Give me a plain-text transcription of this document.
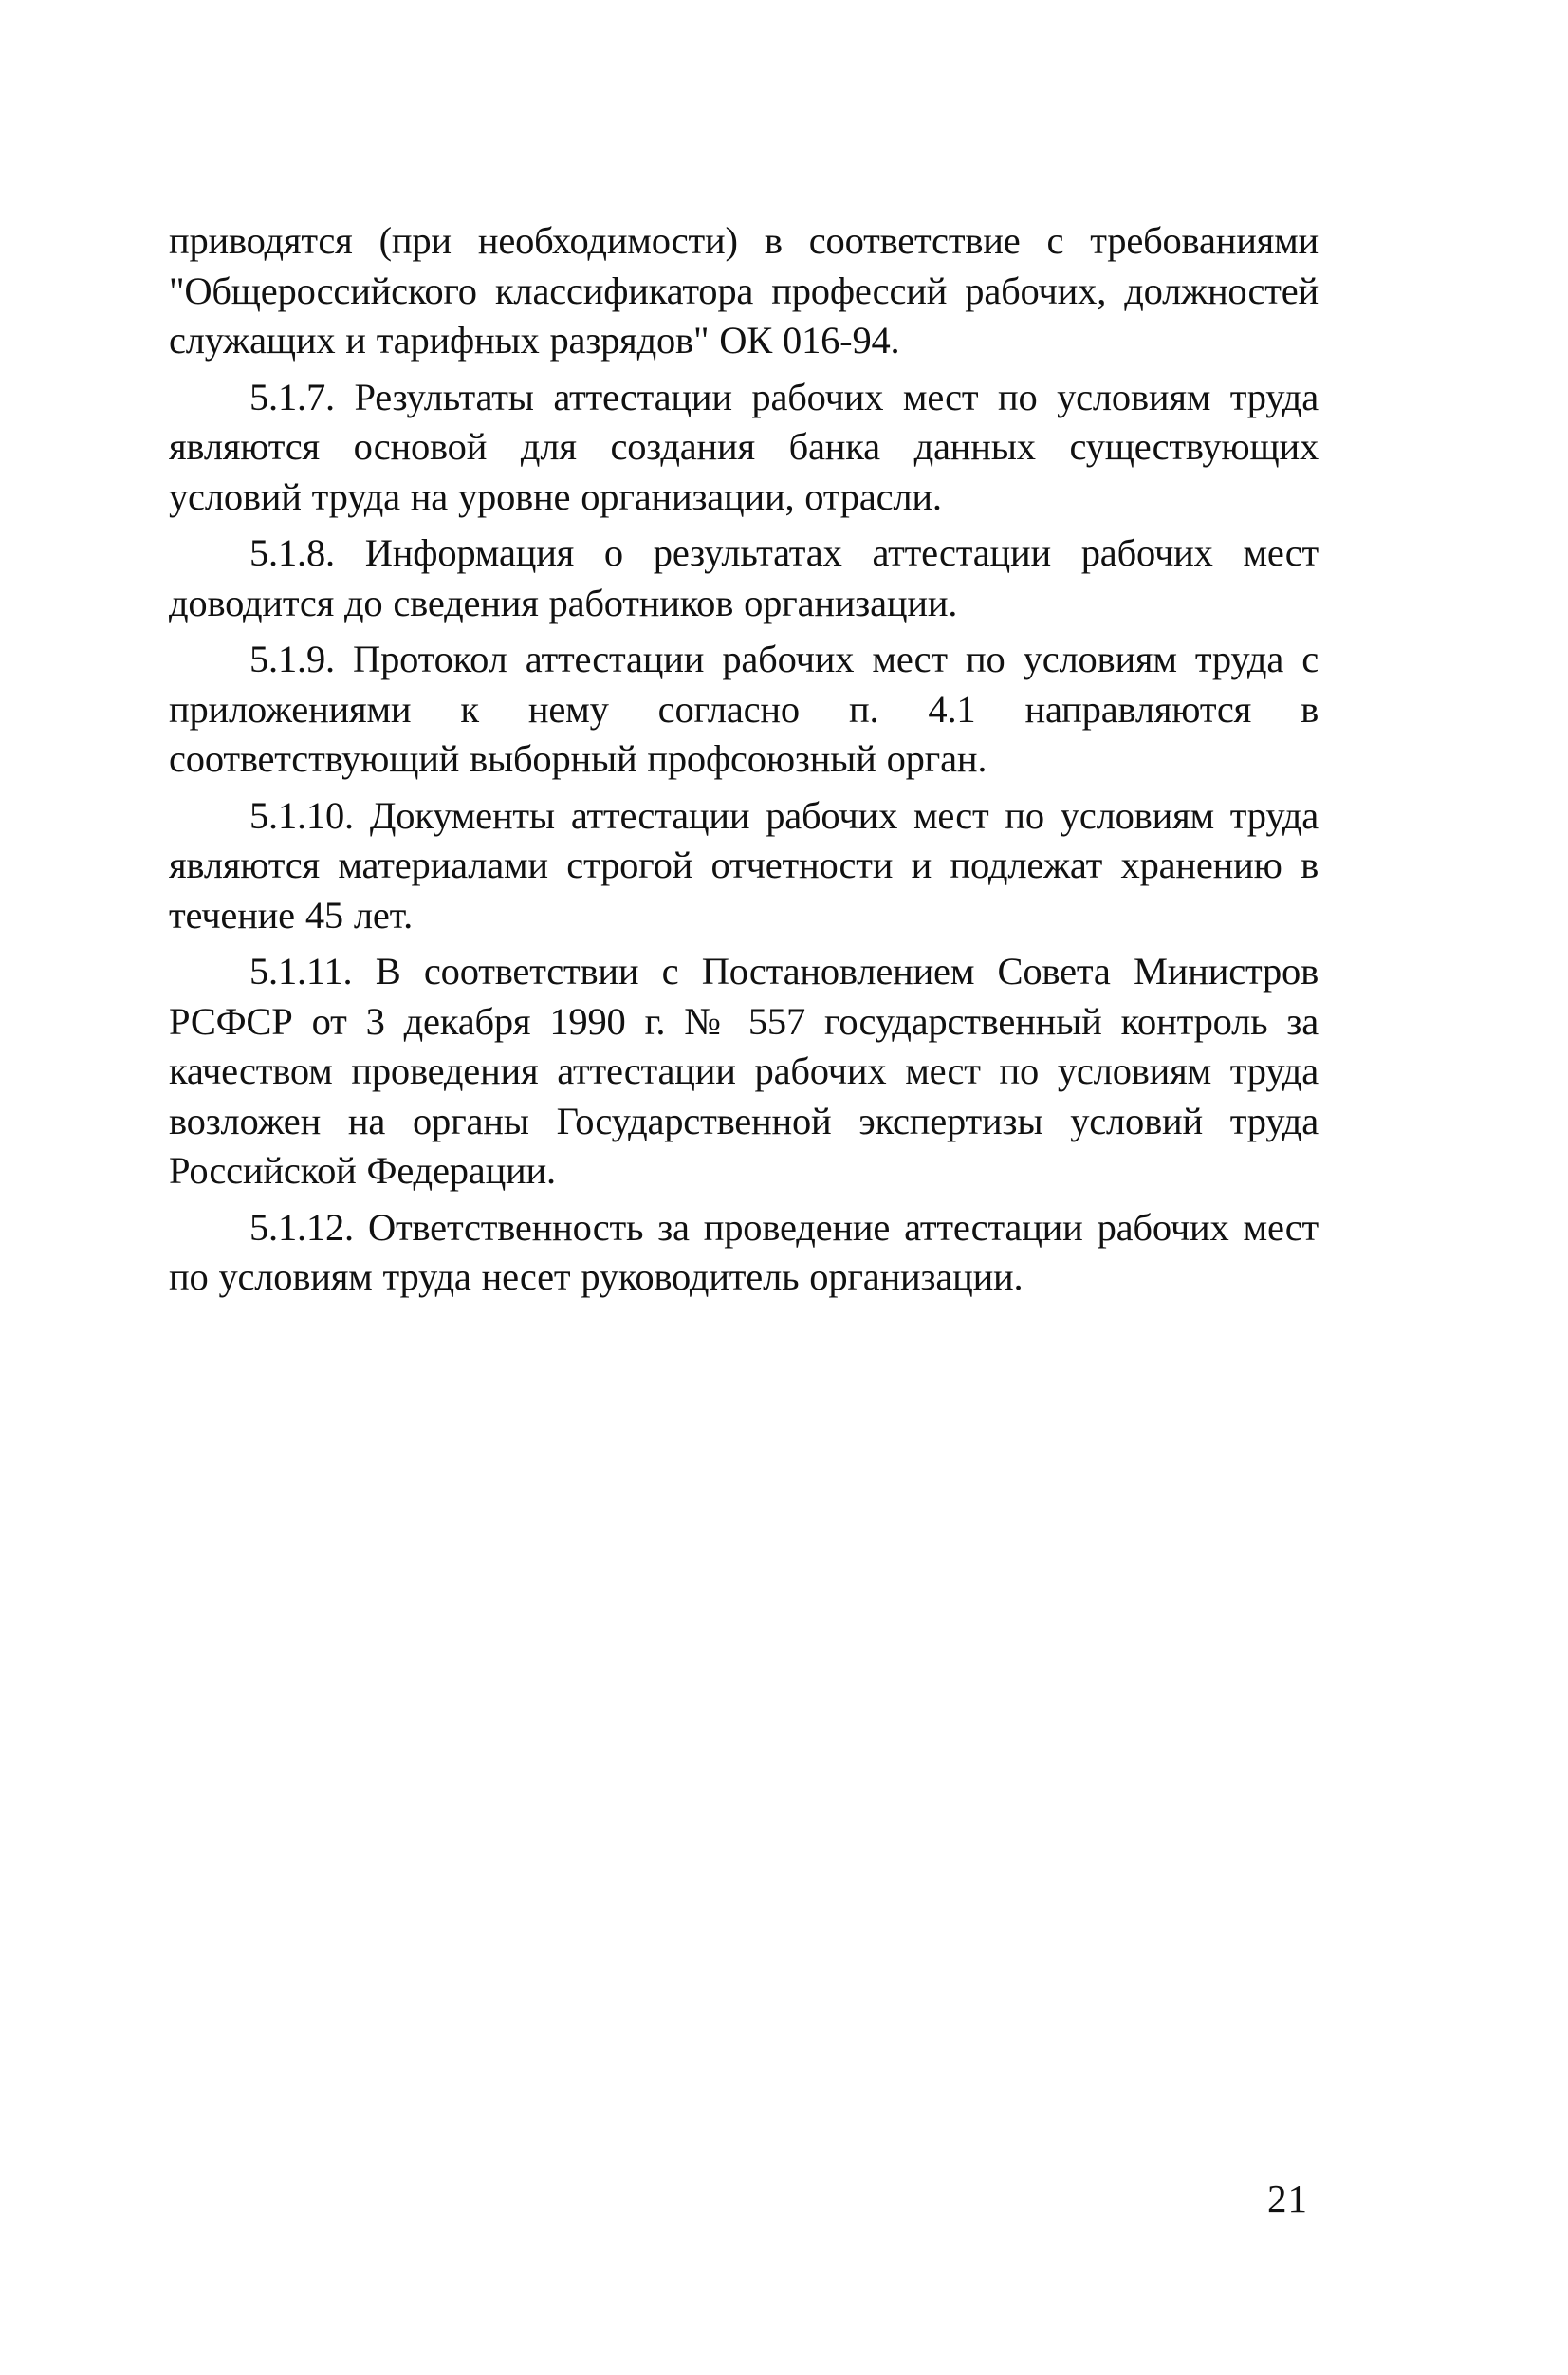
приводятся (при необходимости) в соответствие с требованиями "Общероссийского классификатора профессий рабочих, должностей служащих и тарифных разрядов" ОК 016-94.

5.1.7. Результаты аттестации рабочих мест по условиям труда являются основой для создания банка данных существующих условий труда на уровне организации, отрасли.

5.1.8. Информация о результатах аттестации рабочих мест доводится до сведения работников организации.

5.1.9. Протокол аттестации рабочих мест по условиям труда с приложениями к нему согласно п. 4.1 направляются в соответствующий выборный профсоюзный орган.

5.1.10. Документы аттестации рабочих мест по условиям труда являются материалами строгой отчетности и подлежат хранению в течение 45 лет.

5.1.11. В соответствии с Постановлением Совета Министров РСФСР от 3 декабря 1990 г. № 557 государственный контроль за качеством проведения аттестации рабочих мест по условиям труда возложен на органы Государственной экспертизы условий труда Российской Федерации.

5.1.12. Ответственность за проведение аттестации рабочих мест по условиям труда несет руководитель организации.

21
